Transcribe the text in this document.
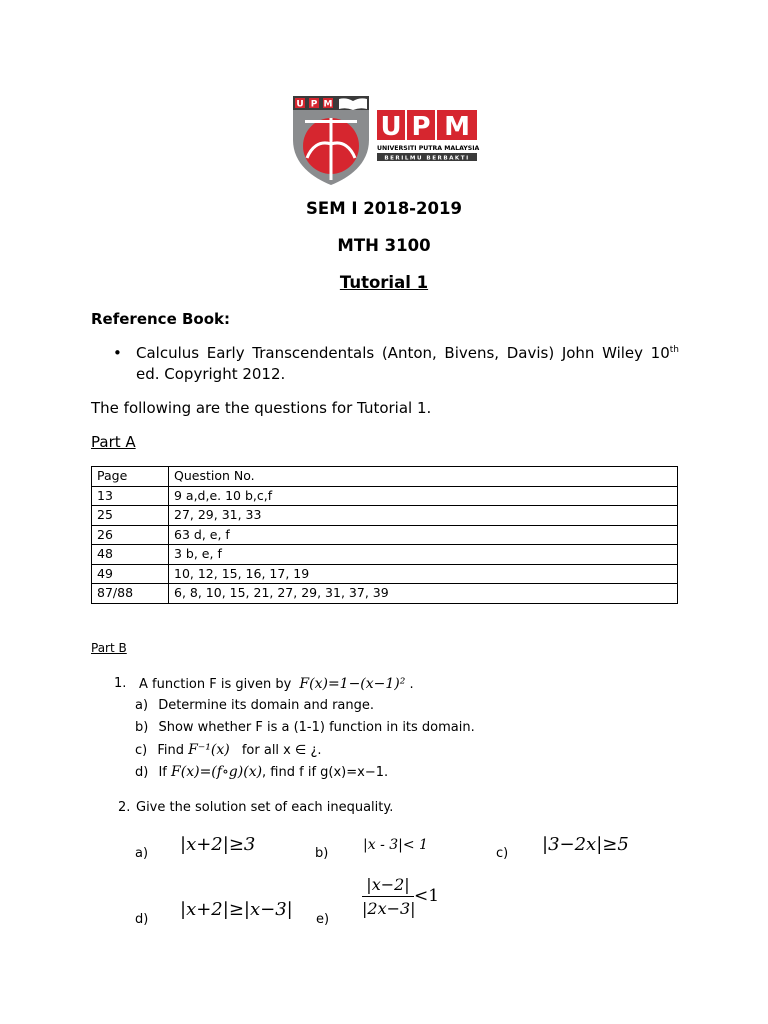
U P M
U P M
UNIVERSITI PUTRA MALAYSIA
BERILMU BERBAKTI
SEM I 2018-2019
MTH 3100
Tutorial 1
Reference Book:
• Calculus Early Transcendentals (Anton, Bivens, Davis) John Wiley 10th
ed. Copyright 2012.
The following are the questions for Tutorial 1.
Part A
Page	Question No.
13	9 a,d,e. 10 b,c,f
25	27, 29, 31, 33
26	63 d, e, f
48	3 b, e, f
49	10, 12, 15, 16, 17, 19
87/88	6, 8, 10, 15, 21, 27, 29, 31, 37, 39
Part B
1. A function F is given by F(x)=1−(x−1)² .
a) Determine its domain and range.
b) Show whether F is a (1-1) function in its domain.
c) Find F⁻¹(x) for all x ∈ ¿.
d) If F(x)=(f∘g)(x), find f if g(x)=x−1.
2. Give the solution set of each inequality.
a) |x+2|≥3	b)
|x - 3|< 1
c) |3−2x|≥5
d) |x+2|≥|x−3| $e) \frac{|x-2|}{|2x-3|} <1$
